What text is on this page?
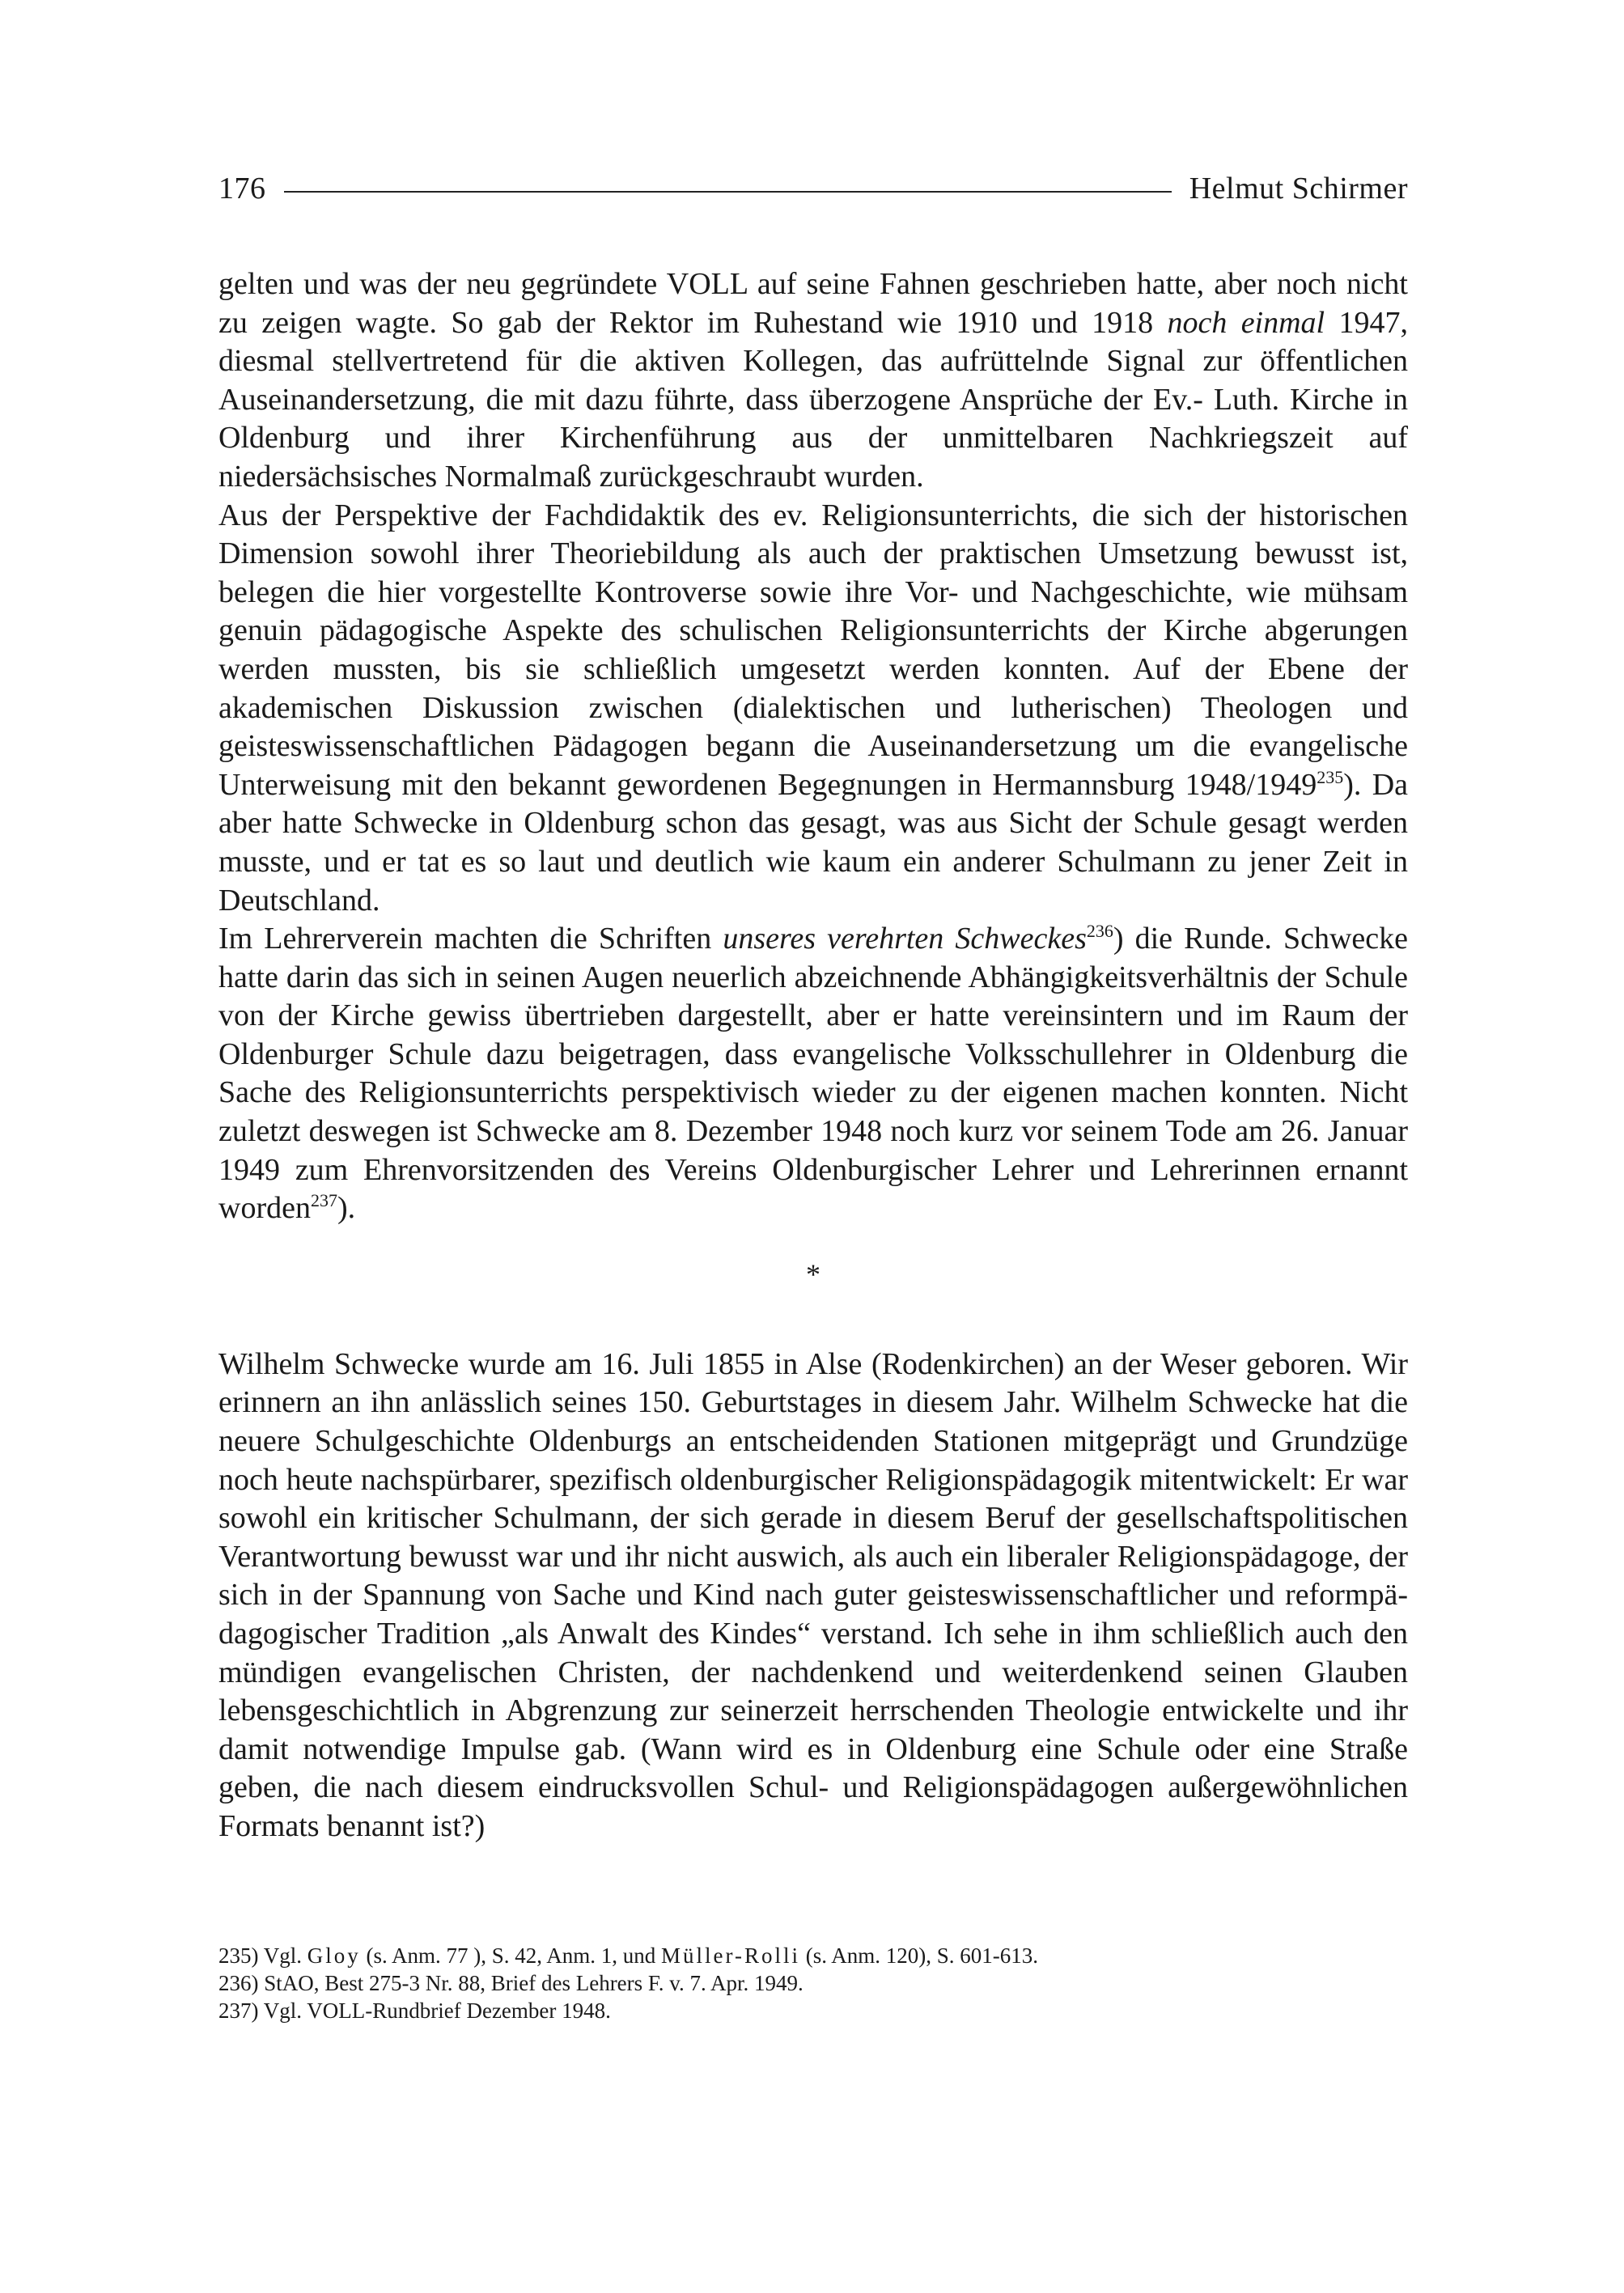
176	Helmut Schirmer

gelten und was der neu gegründete VOLL auf seine Fahnen geschrieben hatte, aber noch nicht zu zeigen wagte. So gab der Rektor im Ruhestand wie 1910 und 1918 noch einmal 1947, diesmal stellvertretend für die aktiven Kollegen, das aufrüttelnde Signal zur öffentlichen Auseinandersetzung, die mit dazu führte, dass überzogene Ansprüche der Ev.- Luth. Kirche in Oldenburg und ihrer Kirchenführung aus der unmittelbaren Nachkriegszeit auf niedersächsisches Normalmaß zurückgeschraubt wurden.

Aus der Perspektive der Fachdidaktik des ev. Religionsunterrichts, die sich der historischen Dimension sowohl ihrer Theoriebildung als auch der praktischen Umsetzung bewusst ist, belegen die hier vorgestellte Kontroverse sowie ihre Vor- und Nachgeschichte, wie mühsam genuin pädagogische Aspekte des schulischen Religionsunterrichts der Kirche abgerungen werden mussten, bis sie schließlich umgesetzt werden konnten. Auf der Ebene der akademischen Diskussion zwischen (dialektischen und lutherischen) Theologen und geisteswissenschaftlichen Pädagogen begann die Auseinandersetzung um die evangelische Unterweisung mit den bekannt gewordenen Begegnungen in Hermannsburg 1948/1949$^{235}$). Da aber hatte Schwecke in Oldenburg schon das gesagt, was aus Sicht der Schule gesagt werden musste, und er tat es so laut und deutlich wie kaum ein anderer Schulmann zu jener Zeit in Deutschland.

Im Lehrerverein machten die Schriften unseres verehrten Schweckes$^{236}$) die Runde. Schwecke hatte darin das sich in seinen Augen neuerlich abzeichnende Abhängigkeitsverhältnis der Schule von der Kirche gewiss übertrieben dargestellt, aber er hatte vereinsintern und im Raum der Oldenburger Schule dazu beigetragen, dass evangelische Volksschullehrer in Oldenburg die Sache des Religionsunterrichts perspektivisch wieder zu der eigenen machen konnten. Nicht zuletzt deswegen ist Schwecke am 8. Dezember 1948 noch kurz vor seinem Tode am 26. Januar 1949 zum Ehrenvorsitzenden des Vereins Oldenburgischer Lehrer und Lehrerinnen ernannt worden$^{237}$).

*

Wilhelm Schwecke wurde am 16. Juli 1855 in Alse (Rodenkirchen) an der Weser geboren. Wir erinnern an ihn anlässlich seines 150. Geburtstages in diesem Jahr. Wilhelm Schwecke hat die neuere Schulgeschichte Oldenburgs an entscheidenden Stationen mitgeprägt und Grundzüge noch heute nachspürbarer, spezifisch oldenburgischer Religionspädagogik mitentwickelt: Er war sowohl ein kritischer Schulmann, der sich gerade in diesem Beruf der gesellschaftspolitischen Verantwortung bewusst war und ihr nicht auswich, als auch ein liberaler Religionspädagoge, der sich in der Spannung von Sache und Kind nach guter geisteswissenschaftlicher und reformpädagogischer Tradition „als Anwalt des Kindes“ verstand. Ich sehe in ihm schließlich auch den mündigen evangelischen Christen, der nachdenkend und weiterdenkend seinen Glauben lebensgeschichtlich in Abgrenzung zur seinerzeit herrschenden Theologie entwickelte und ihr damit notwendige Impulse gab. (Wann wird es in Oldenburg eine Schule oder eine Straße geben, die nach diesem eindrucksvollen Schul- und Religionspädagogen außergewöhnlichen Formats benannt ist?)

235) Vgl. Gloy (s. Anm. 77 ), S. 42, Anm. 1, und Müller-Rolli (s. Anm. 120), S. 601-613.
236) StAO, Best 275-3 Nr. 88, Brief des Lehrers F. v. 7. Apr. 1949.
237) Vgl. VOLL-Rundbrief Dezember 1948.
